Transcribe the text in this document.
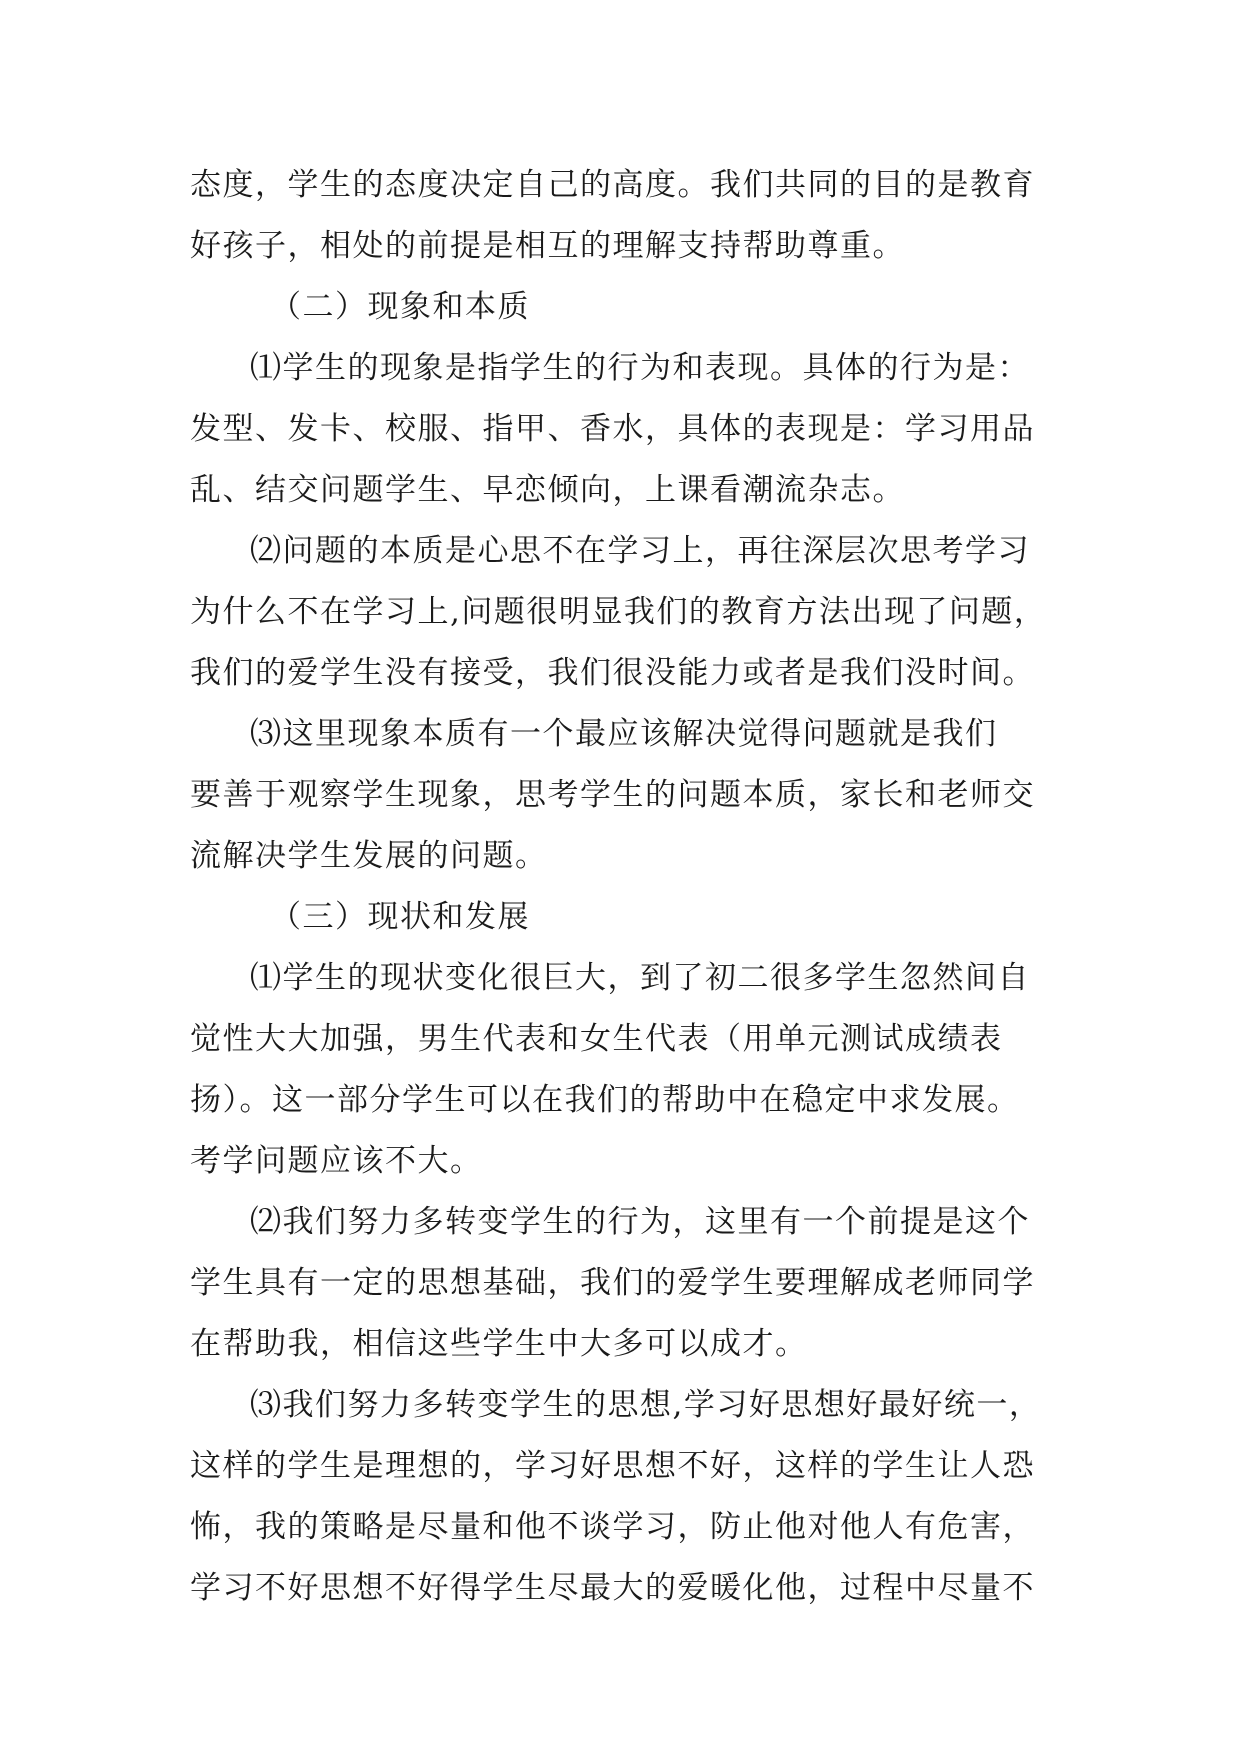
态度，学生的态度决定自己的高度。我们共同的目的是教育
好孩子，相处的前提是相互的理解支持帮助尊重。
（二）现象和本质
⑴学生的现象是指学生的行为和表现。具体的行为是：
发型、发卡、校服、指甲、香水，具体的表现是：学习用品
乱、结交问题学生、早恋倾向，上课看潮流杂志。
⑵问题的本质是心思不在学习上，再往深层次思考学习
为什么不在学习上,问题很明显我们的教育方法出现了问题，
我们的爱学生没有接受，我们很没能力或者是我们没时间。
⑶这里现象本质有一个最应该解决觉得问题就是我们
要善于观察学生现象，思考学生的问题本质，家长和老师交
流解决学生发展的问题。
（三）现状和发展
⑴学生的现状变化很巨大，到了初二很多学生忽然间自
觉性大大加强，男生代表和女生代表（用单元测试成绩表
扬）。这一部分学生可以在我们的帮助中在稳定中求发展。
考学问题应该不大。
⑵我们努力多转变学生的行为，这里有一个前提是这个
学生具有一定的思想基础，我们的爱学生要理解成老师同学
在帮助我，相信这些学生中大多可以成才。
⑶我们努力多转变学生的思想,学习好思想好最好统一，
这样的学生是理想的，学习好思想不好，这样的学生让人恐
怖，我的策略是尽量和他不谈学习，防止他对他人有危害，
学习不好思想不好得学生尽最大的爱暖化他，过程中尽量不
